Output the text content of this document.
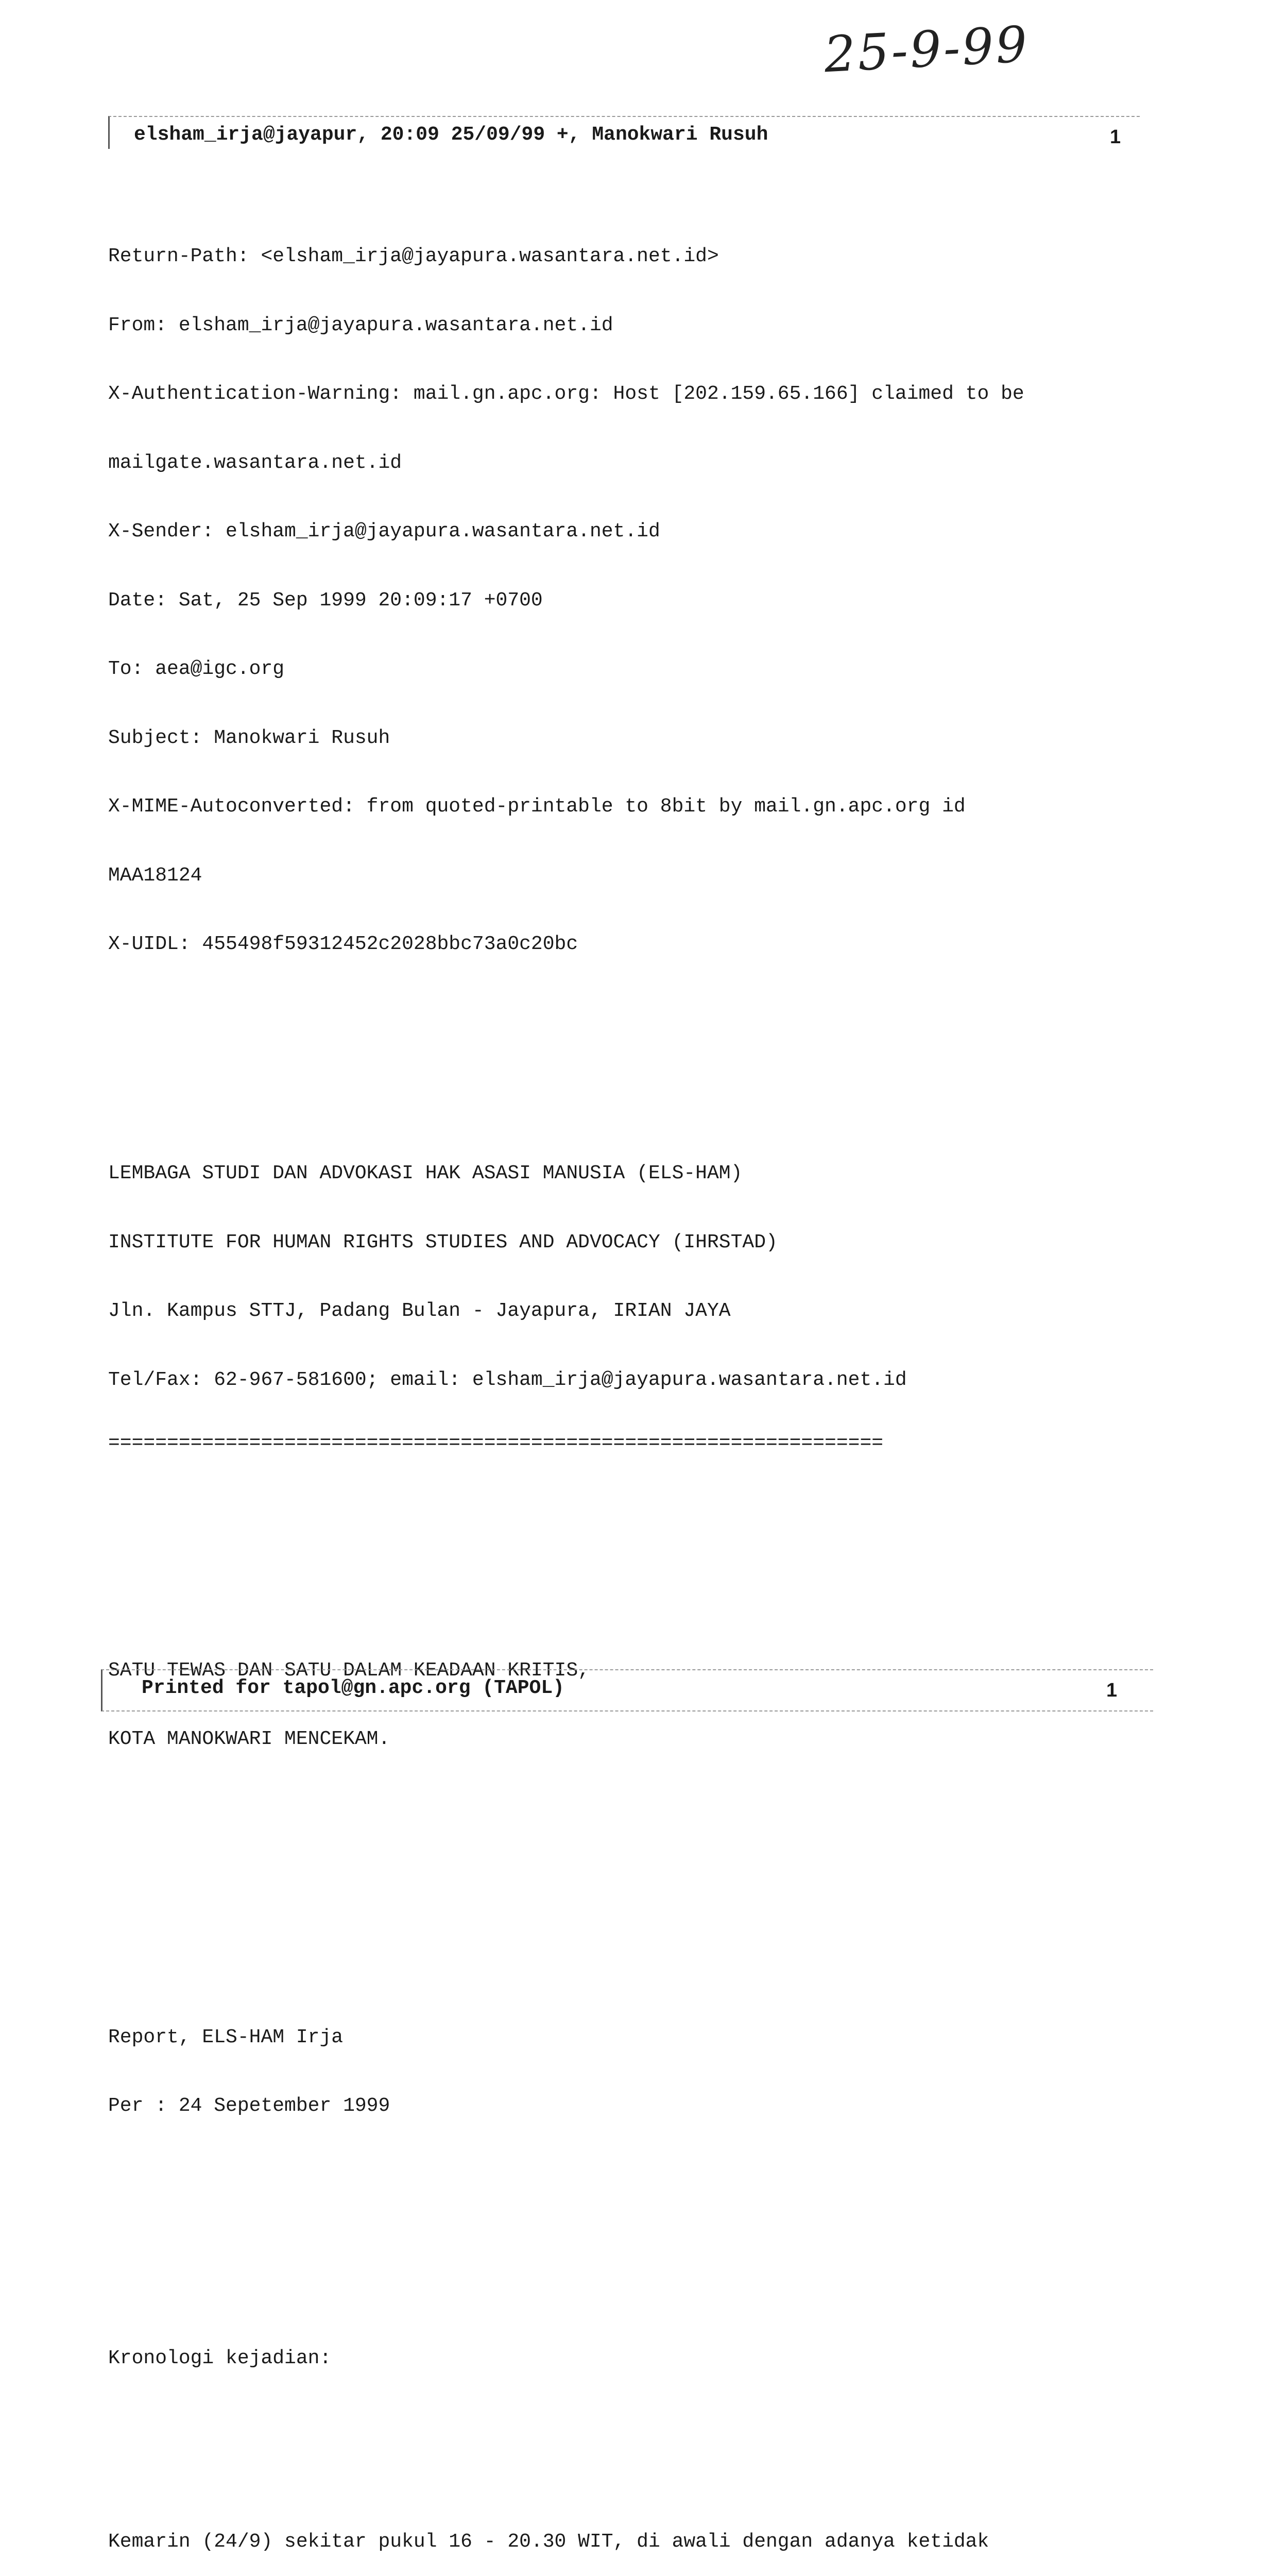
25-9-99
elsham_irja@jayapur, 20:09 25/09/99 +, Manokwari Rusuh	1

Return-Path: <elsham_irja@jayapura.wasantara.net.id>

From: elsham_irja@jayapura.wasantara.net.id

X-Authentication-Warning: mail.gn.apc.org: Host [202.159.65.166] claimed to be

mailgate.wasantara.net.id

X-Sender: elsham_irja@jayapura.wasantara.net.id

Date: Sat, 25 Sep 1999 20:09:17 +0700

To: aea@igc.org

Subject: Manokwari Rusuh

X-MIME-Autoconverted: from quoted-printable to 8bit by mail.gn.apc.org id

MAA18124

X-UIDL: 455498f59312452c2028bbc73a0c20bc

LEMBAGA STUDI DAN ADVOKASI HAK ASASI MANUSIA (ELS-HAM)

INSTITUTE FOR HUMAN RIGHTS STUDIES AND ADVOCACY (IHRSTAD)

Jln. Kampus STTJ, Padang Bulan - Jayapura, IRIAN JAYA

Tel/Fax: 62-967-581600; email: elsham_irja@jayapura.wasantara.net.id

==================================================================

SATU TEWAS DAN SATU DALAM KEADAAN KRITIS,

KOTA MANOKWARI MENCEKAM.

Report, ELS-HAM Irja

Per : 24 Sepetember 1999

Kronologi kejadian:

Kemarin (24/9) sekitar pukul 16 - 20.30 WIT, di awali dengan adanya ketidak

Printed for tapol@gn.apc.org (TAPOL)	1
